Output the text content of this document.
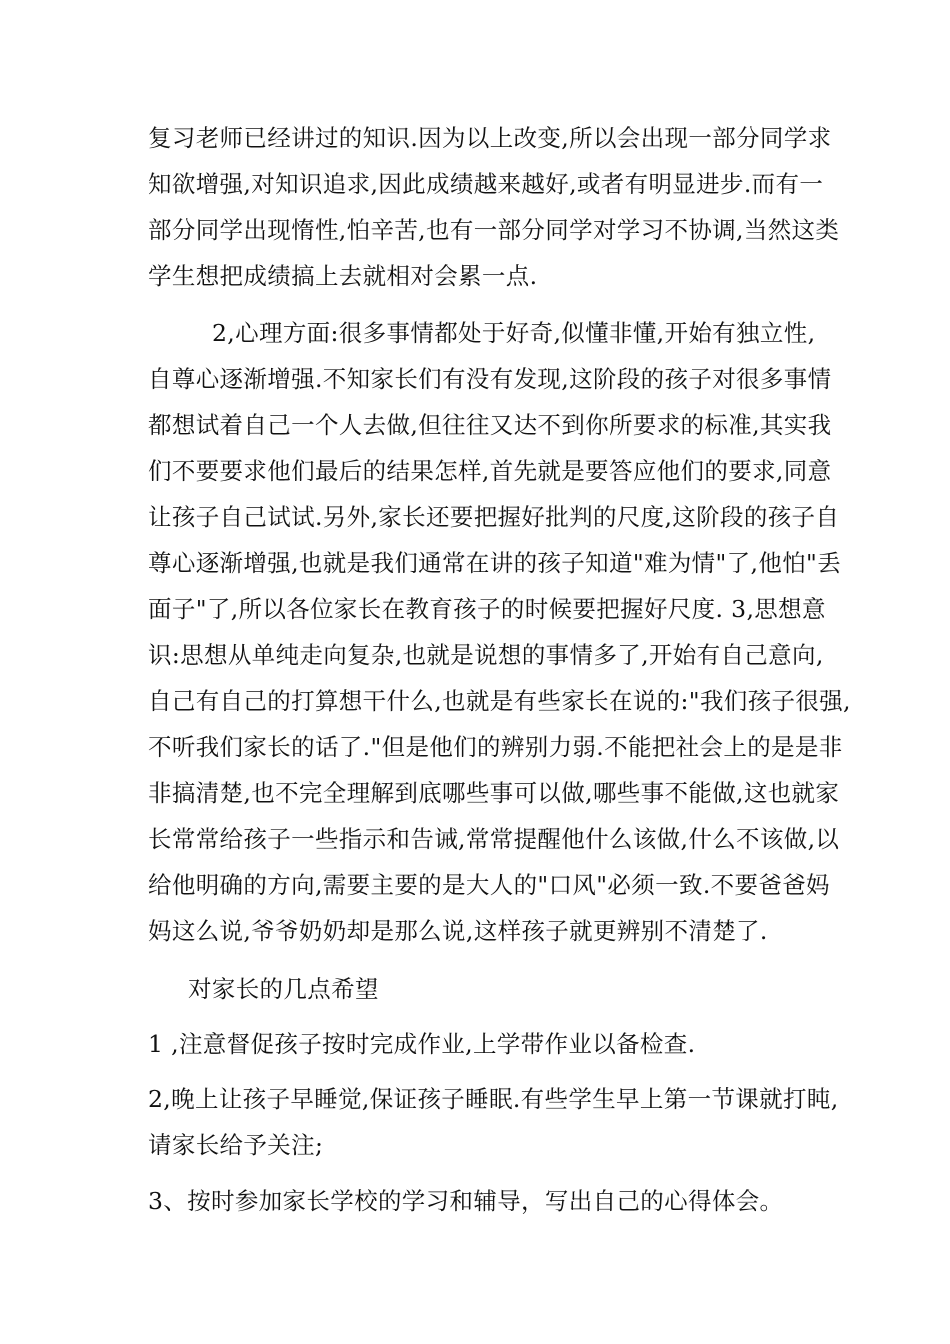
复习老师已经讲过的知识.因为以上改变,所以会出现一部分同学求
知欲增强,对知识追求,因此成绩越来越好,或者有明显进步.而有一
部分同学出现惰性,怕辛苦,也有一部分同学对学习不协调,当然这类
学生想把成绩搞上去就相对会累一点.
2,心理方面:很多事情都处于好奇,似懂非懂,开始有独立性,
自尊心逐渐增强.不知家长们有没有发现,这阶段的孩子对很多事情
都想试着自己一个人去做,但往往又达不到你所要求的标准,其实我
们不要要求他们最后的结果怎样,首先就是要答应他们的要求,同意
让孩子自己试试.另外,家长还要把握好批判的尺度,这阶段的孩子自
尊心逐渐增强,也就是我们通常在讲的孩子知道"难为情"了,他怕"丢
面子"了,所以各位家长在教育孩子的时候要把握好尺度. 3,思想意
识:思想从单纯走向复杂,也就是说想的事情多了,开始有自己意向,
自己有自己的打算想干什么,也就是有些家长在说的:"我们孩子很强,
不听我们家长的话了."但是他们的辨别力弱.不能把社会上的是是非
非搞清楚,也不完全理解到底哪些事可以做,哪些事不能做,这也就家
长常常给孩子一些指示和告诫,常常提醒他什么该做,什么不该做,以
给他明确的方向,需要主要的是大人的"口风"必须一致.不要爸爸妈
妈这么说,爷爷奶奶却是那么说,这样孩子就更辨别不清楚了.
对家长的几点希望
1 ,注意督促孩子按时完成作业,上学带作业以备检查.
2,晚上让孩子早睡觉,保证孩子睡眠.有些学生早上第一节课就打盹,
请家长给予关注;
3、按时参加家长学校的学习和辅导，写出自己的心得体会。
